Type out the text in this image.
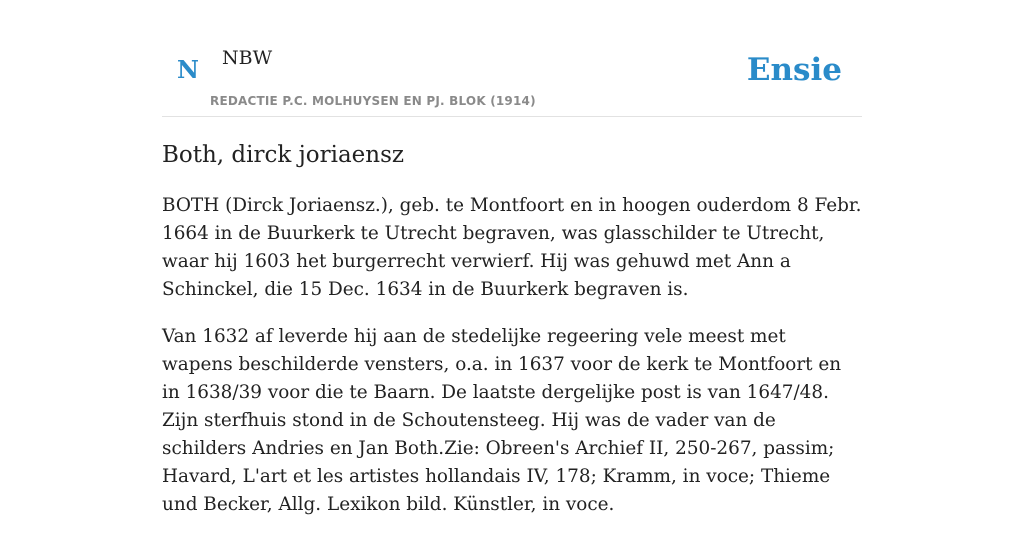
N NBW	Ensie
REDACTIE P.C. MOLHUYSEN EN PJ. BLOK (1914)
Both, dirck joriaensz

BOTH (Dirck Joriaensz.), geb. te Montfoort en in hoogen ouderdom 8 Febr. 1664 in de Buurkerk te Utrecht begraven, was glasschilder te Utrecht, waar hij 1603 het burgerrecht verwierf. Hij was gehuwd met Ann a Schinckel, die 15 Dec. 1634 in de Buurkerk begraven is.

Van 1632 af leverde hij aan de stedelijke regeering vele meest met wapens beschilderde vensters, o.a. in 1637 voor de kerk te Montfoort en in 1638/39 voor die te Baarn. De laatste dergelijke post is van 1647/48. Zijn sterfhuis stond in de Schoutensteeg. Hij was de vader van de schilders Andries en Jan Both.Zie: Obreen's Archief II, 250-267, passim; Havard, L'art et les artistes hollandais IV, 178; Kramm, in voce; Thieme und Becker, Allg. Lexikon bild. Künstler, in voce.
